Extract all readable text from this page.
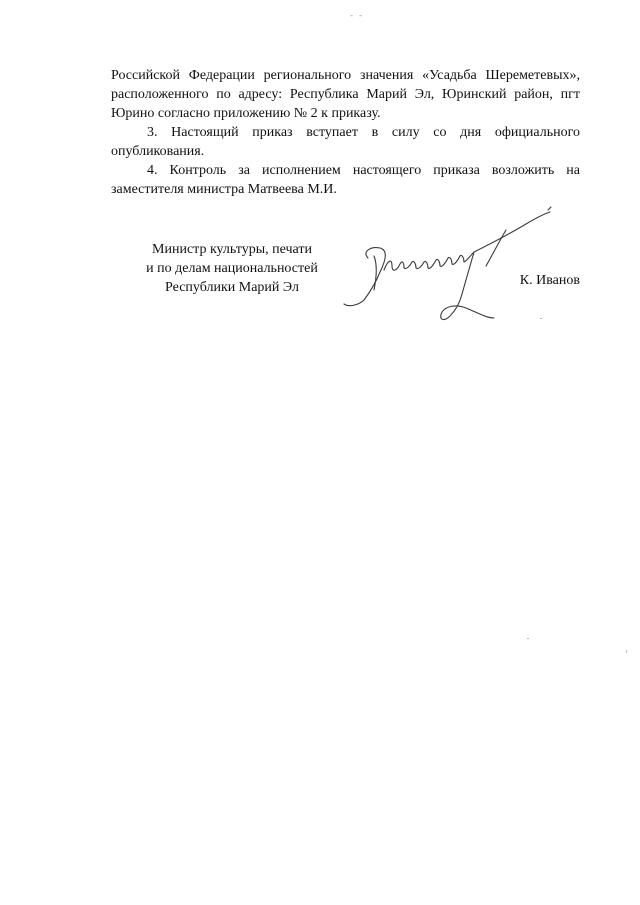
- -

Российской Федерации регионального значения «Усадьба Шереметевых», расположенного по адресу: Республика Марий Эл, Юринский район, пгт Юрино согласно приложению № 2 к приказу.

3. Настоящий приказ вступает в силу со дня официального опубликования.

4. Контроль за исполнением настоящего приказа возложить на заместителя министра Матвеева М.И.

Министр культуры, печати
и по делам национальностей
Республики Марий Эл	К. Иванов
